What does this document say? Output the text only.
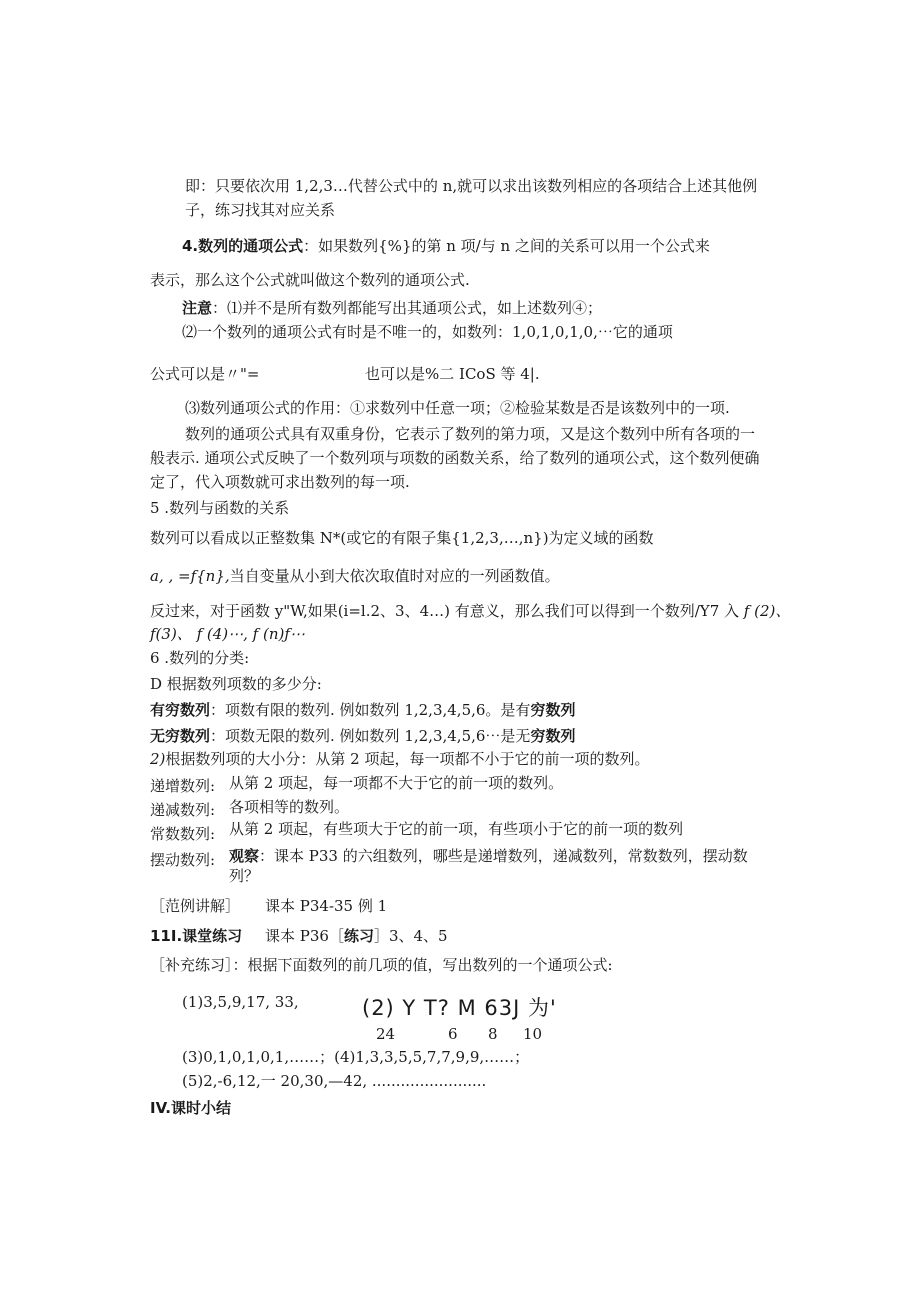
即：只要依次用 1,2,3…代替公式中的 n,就可以求出该数列相应的各项结合上述其他例
子，练习找其对应关系
4.数列的通项公式：如果数列{%}的第 n 项/与 n 之间的关系可以用一个公式来
表示，那么这个公式就叫做这个数列的通项公式.
注意：⑴并不是所有数列都能写出其通项公式，如上述数列④；
⑵一个数列的通项公式有时是不唯一的，如数列：1,0,1,0,1,0,⋯它的通项
公式可以是〃"=	也可以是%二 ICoS 等 4|.
⑶数列通项公式的作用：①求数列中任意一项；②检验某数是否是该数列中的一项.
数列的通项公式具有双重身份，它表示了数列的第力项，又是这个数列中所有各项的一
般表示. 通项公式反映了一个数列项与项数的函数关系，给了数列的通项公式，这个数列便确
定了，代入项数就可求出数列的每一项.
5 .数列与函数的关系
数列可以看成以正整数集 N*(或它的有限子集{1,2,3,…,n})为定义域的函数
a, , =f{n},当自变量从小到大依次取值时对应的一列函数值。
反过来，对于函数 y"W,如果(i=l.2、3、4…) 有意义，那么我们可以得到一个数列/Y7 入 f (2)、
f(3)、 f (4)⋯, f (n)ƒ⋯
6 .数列的分类:
D 根据数列项数的多少分:
有穷数列：项数有限的数列. 例如数列 1,2,3,4,5,6。是有穷数列
无穷数列：项数无限的数列. 例如数列 1,2,3,4,5,6⋯是无穷数列
2)根据数列项的大小分：从第 2 项起，每一项都不小于它的前一项的数列。
递增数列: 从第 2 项起，每一项都不大于它的前一项的数列。
递减数列: 各项相等的数列。
常数数列: 从第 2 项起，有些项大于它的前一项，有些项小于它的前一项的数列
摆动数列: 观察：课本 P33 的六组数列，哪些是递增数列，递减数列，常数数列，摆动数
列？
［范例讲解］ 课本 P34-35 例 1
11I.课堂练习 课本 P36［练习］3、4、5
［补充练习］：根据下面数列的前几项的值，写出数列的一个通项公式:
(1)3,5,9,17, 33,	(2) Y T? M 63J 为'
24	6 8 10
(3)0,1,0,1,0,1,……；(4)1,3,3,5,5,7,7,9,9,……；
(5)2,-6,12,一 20,30,—42, ........................
IV.课时小结
